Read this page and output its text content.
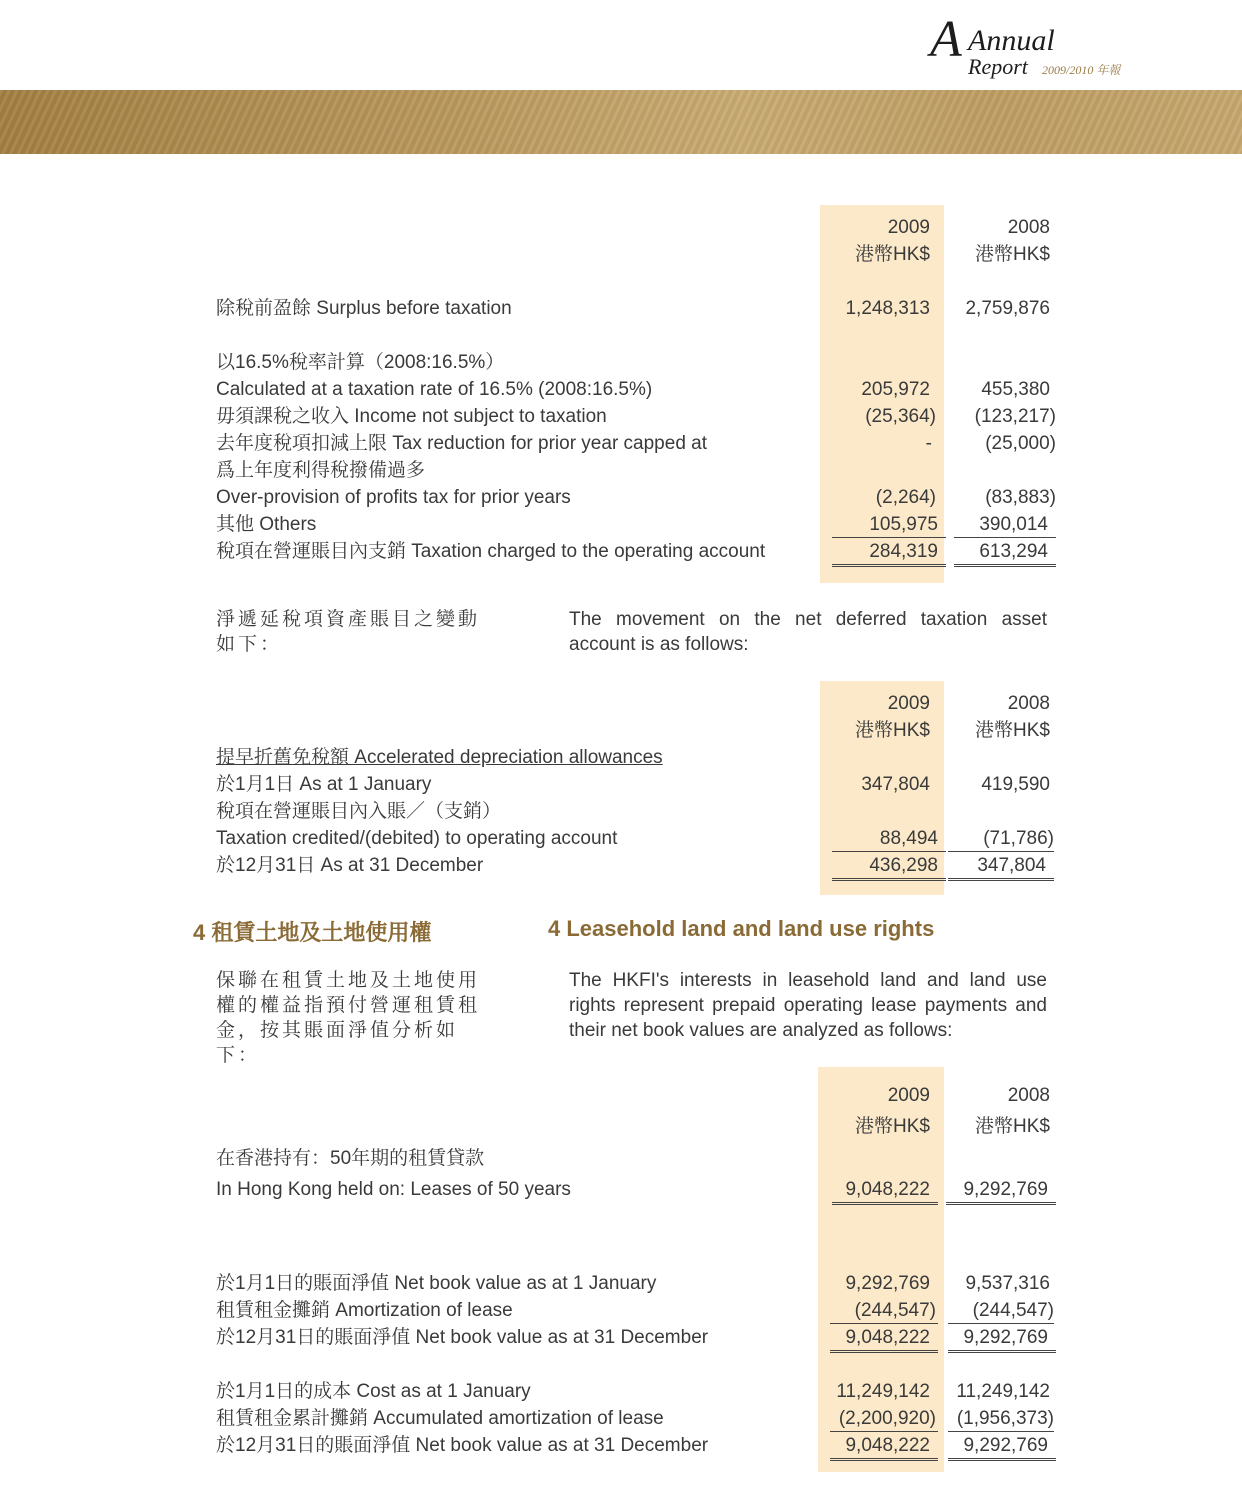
A Annual
Report 2009/2010 年報
2009	2008
港幣HK$	港幣HK$
除稅前盈餘 Surplus before taxation	1,248,313	2,759,876
以16.5%稅率計算（2008:16.5%）
Calculated at a taxation rate of 16.5% (2008:16.5%)	205,972	455,380
毋須課稅之收入 Income not subject to taxation	(25,364)	(123,217)
去年度稅項扣減上限 Tax reduction for prior year capped at	-	(25,000)
爲上年度利得稅撥備過多
Over-provision of profits tax for prior years	(2,264)	(83,883)
其他 Others	105,975	390,014
稅項在營運賬目內支銷 Taxation charged to the operating account	284,319	613,294
淨遞延稅項資產賬目之變動如下：
The movement on the net deferred taxation asset account is as follows:
2009	2008
港幣HK$	港幣HK$
提早折舊免稅額 Accelerated depreciation allowances
於1月1日 As at 1 January	347,804	419,590
稅項在營運賬目內入賬／（支銷）
Taxation credited/(debited) to operating account	88,494	(71,786)
於12月31日 As at 31 December	436,298	347,804
4 租賃土地及土地使用權	4 Leasehold land and land use rights
保聯在租賃土地及土地使用權的權益指預付營運租賃租金，按其賬面淨值分析如下：
The HKFI's interests in leasehold land and land use rights represent prepaid operating lease payments and their net book values are analyzed as follows:
2009	2008
港幣HK$	港幣HK$
在香港持有：50年期的租賃貸款
In Hong Kong held on: Leases of 50 years	9,048,222	9,292,769
於1月1日的賬面淨值 Net book value as at 1 January	9,292,769	9,537,316
租賃租金攤銷 Amortization of lease	(244,547)	(244,547)
於12月31日的賬面淨值 Net book value as at 31 December	9,048,222	9,292,769
於1月1日的成本 Cost as at 1 January	11,249,142	11,249,142
租賃租金累計攤銷 Accumulated amortization of lease	(2,200,920)	(1,956,373)
於12月31日的賬面淨值 Net book value as at 31 December	9,048,222	9,292,769
